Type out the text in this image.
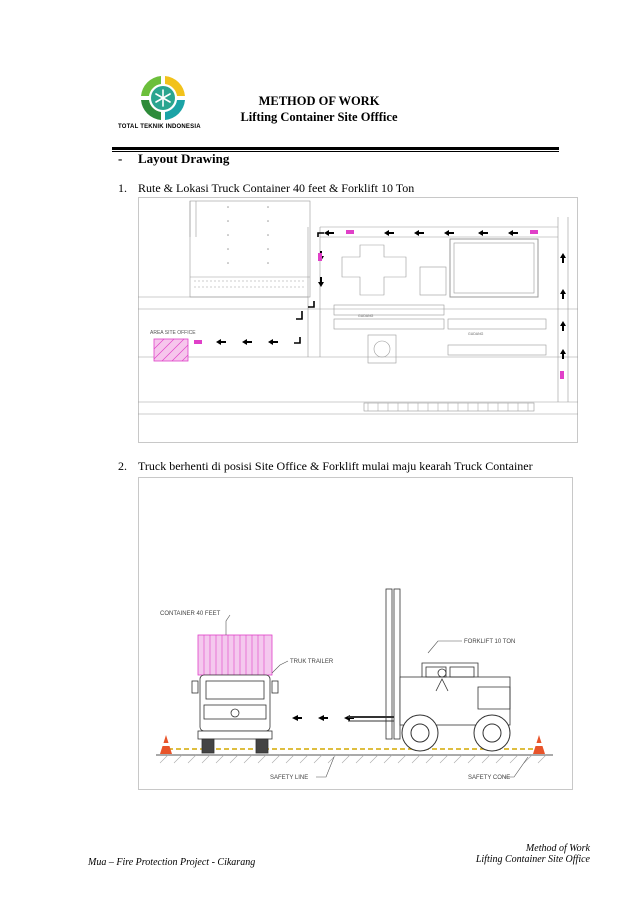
TOTAL TEKNIK INDONESIA
METHOD OF WORK
Lifting Container Site Offfice
- Layout Drawing
1. Rute & Lokasi Truck Container 40 feet & Forklift 10 Ton
AREA SITE OFFICE
GUDANG
GUDANG
2. Truck berhenti di posisi Site Office & Forklift mulai maju kearah Truck Container
CONTAINER 40 FEET
TRUK TRAILER
FORKLIFT 10 TON
SAFETY LINE	SAFETY CONE
Mua – Fire Protection Project - Cikarang
Method of Work
Lifting Container Site Office
